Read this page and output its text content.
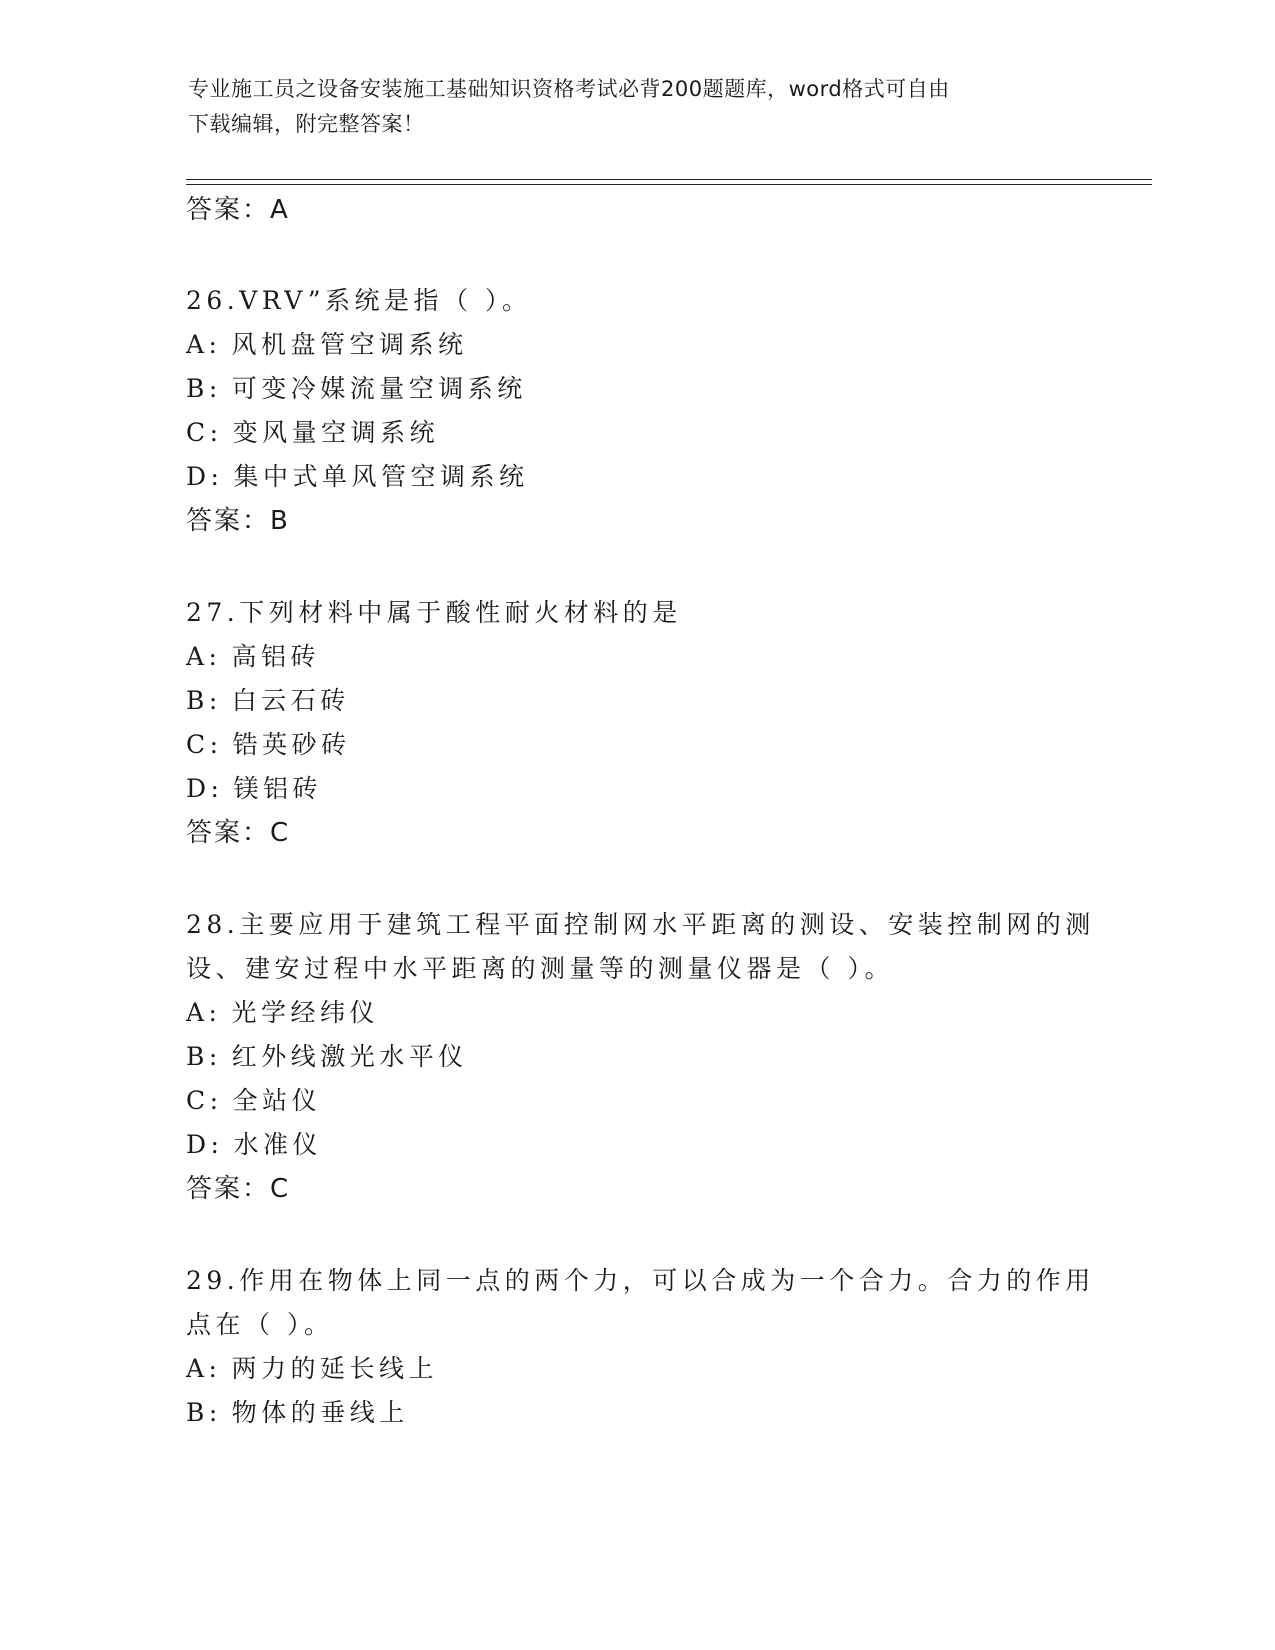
专业施工员之设备安装施工基础知识资格考试必背200题题库，word格式可自由
下载编辑，附完整答案！
答案：A
26.VRV”系统是指（ ）。
A: 风机盘管空调系统
B: 可变冷媒流量空调系统
C: 变风量空调系统
D: 集中式单风管空调系统
答案：B
27.下列材料中属于酸性耐火材料的是
A: 高铝砖
B: 白云石砖
C: 锆英砂砖
D: 镁铝砖
答案：C
28.主要应用于建筑工程平面控制网水平距离的测设、安装控制网的测
设、建安过程中水平距离的测量等的测量仪器是（ ）。
A: 光学经纬仪
B: 红外线激光水平仪
C: 全站仪
D: 水准仪
答案：C
29.作用在物体上同一点的两个力，可以合成为一个合力。合力的作用
点在（ ）。
A: 两力的延长线上
B: 物体的垂线上
